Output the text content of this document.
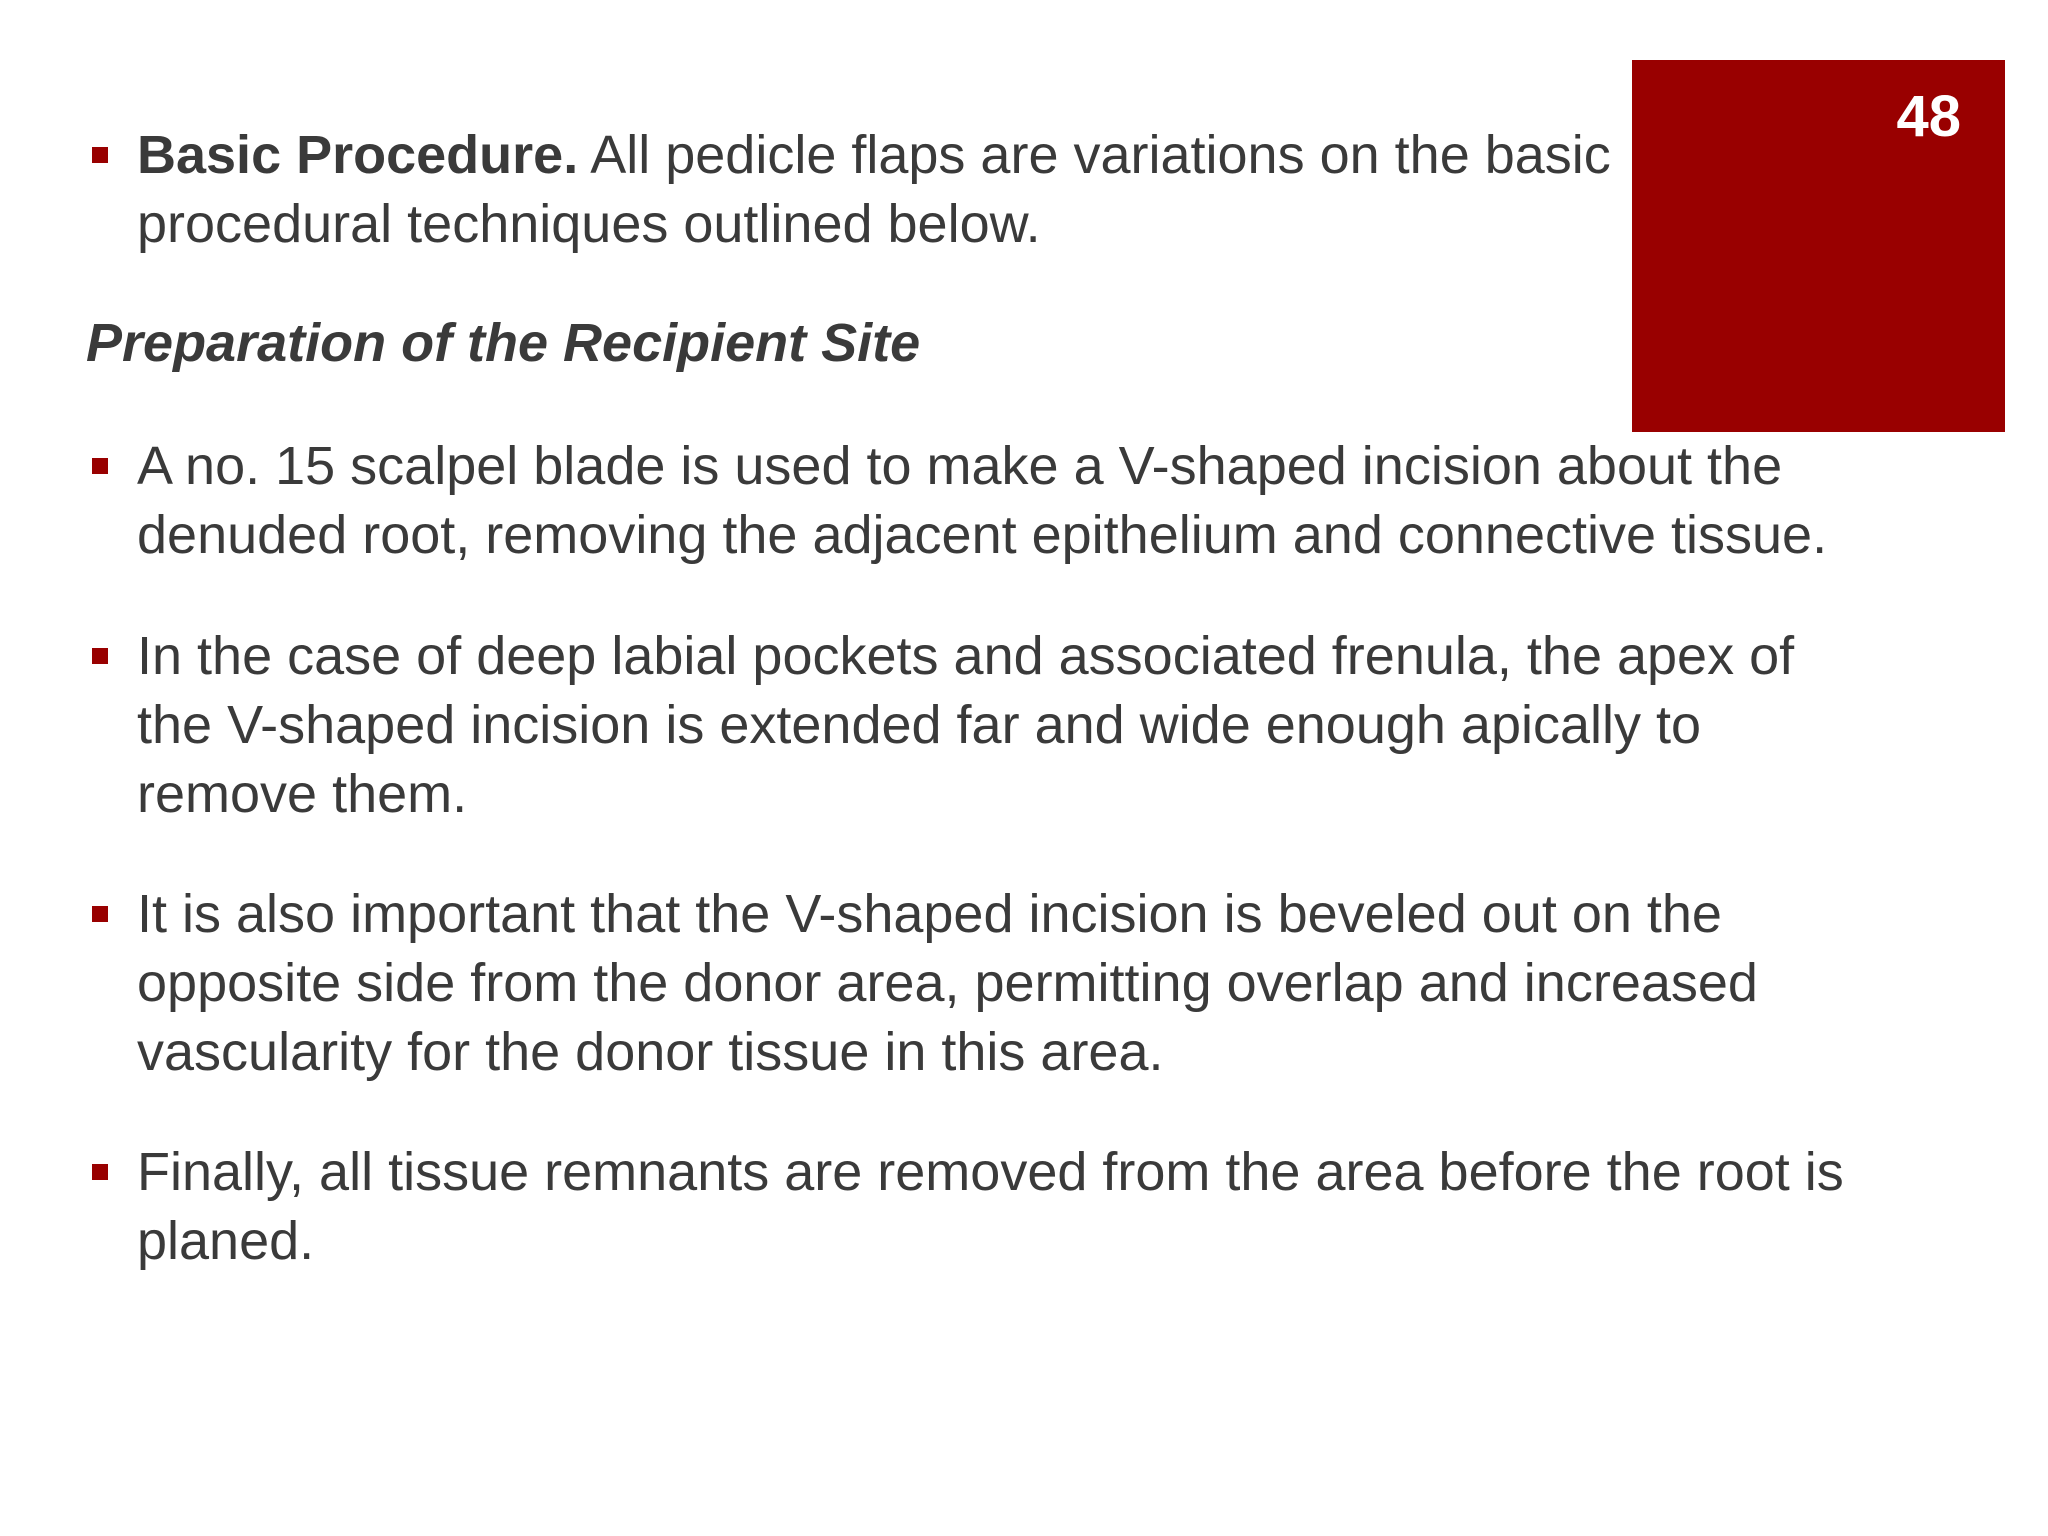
Basic Procedure. All pedicle flaps are variations on the basic
procedural techniques outlined below.
48
Preparation of the Recipient Site
A no. 15 scalpel blade is used to make a V-shaped incision about the
denuded root, removing the adjacent epithelium and connective tissue.
In the case of deep labial pockets and associated frenula, the apex of
the V-shaped incision is extended far and wide enough apically to
remove them.
It is also important that the V-shaped incision is beveled out on the
opposite side from the donor area, permitting overlap and increased
vascularity for the donor tissue in this area.
Finally, all tissue remnants are removed from the area before the root is
planed.
